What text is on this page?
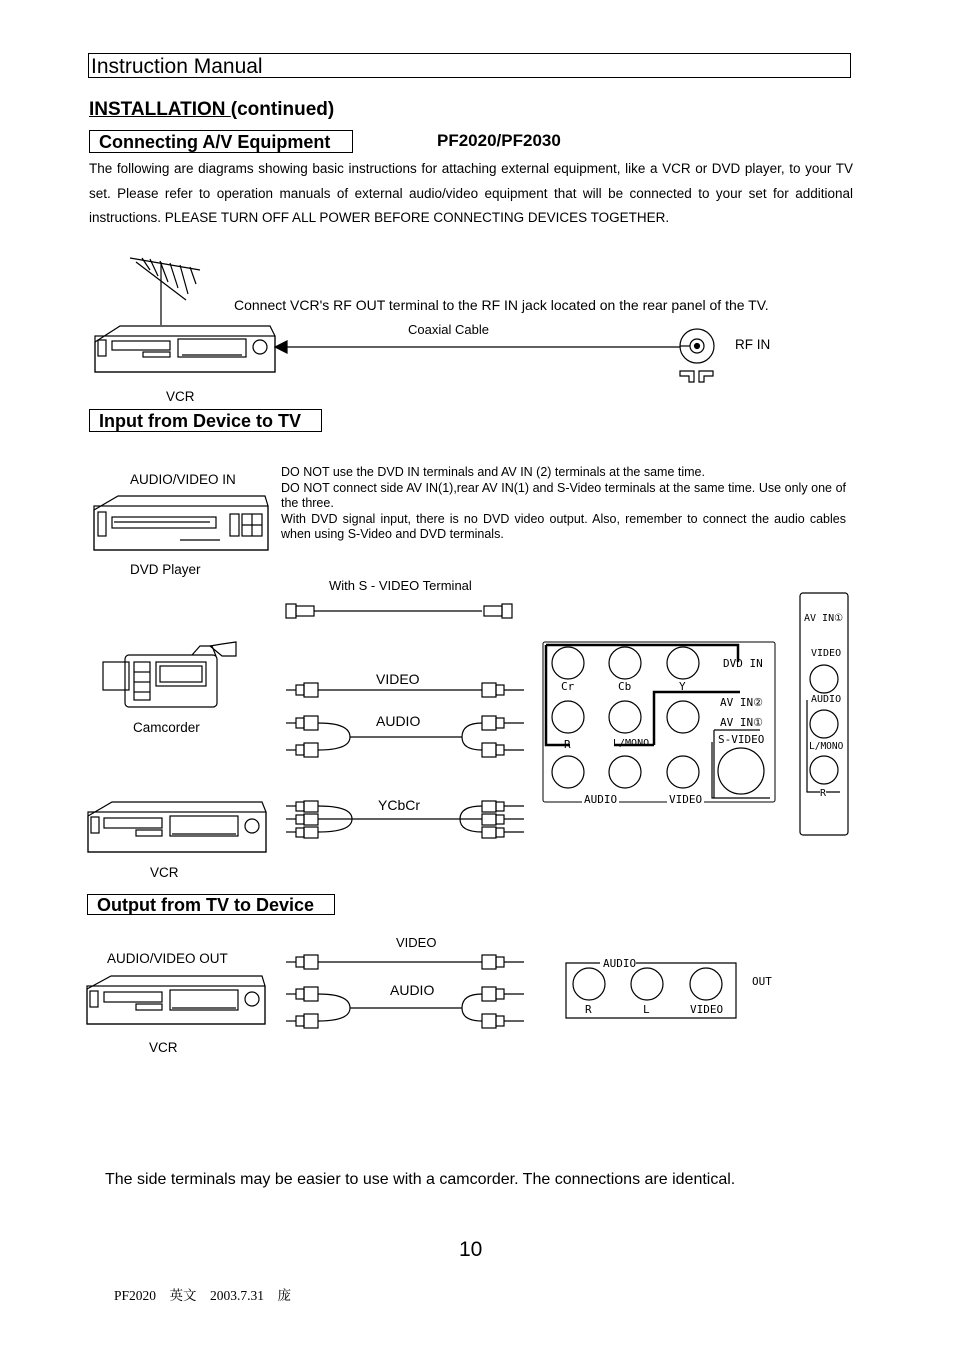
Instruction Manual
INSTALLATION (continued)
Connecting A/V Equipment	PF2020/PF2030
The following are diagrams showing basic instructions for attaching external equipment, like a VCR or DVD player, to your TV set. Please refer to operation manuals of external audio/video equipment that will be connected to your set for additional instructions. PLEASE TURN OFF ALL POWER BEFORE CONNECTING DEVICES TOGETHER.
Connect VCR's RF OUT terminal to the RF IN jack located on the rear panel of the TV.
Coaxial Cable
RF IN
VCR
Input from Device to TV
AUDIO/VIDEO IN	DO NOT use the DVD IN terminals and AV IN (2) terminals at the same time.

DO NOT connect side AV IN(1),rear AV IN(1) and S-Video terminals at the same time. Use only one of the three.

With DVD signal input, there is no DVD video output. Also, remember to connect the audio cables when using S-Video and DVD terminals.

DVD Player
With S - VIDEO Terminal
VIDEO
AUDIO
Camcorder
YCbCr
VCR
DVD IN
Cr	Cb	Y
AV IN②
AV IN①
S-VIDEO
R	L/MONO
AUDIO	VIDEO
AV IN①
VIDEO
AUDIO
L/MONO
R
Output from TV to Device
VIDEO
AUDIO/VIDEO OUT
AUDIO
VCR
AUDIO
OUT
R	L	VIDEO
The side terminals may be easier to use with a camcorder. The connections are identical.
10
PF2020　英文　2003.7.31　庞
